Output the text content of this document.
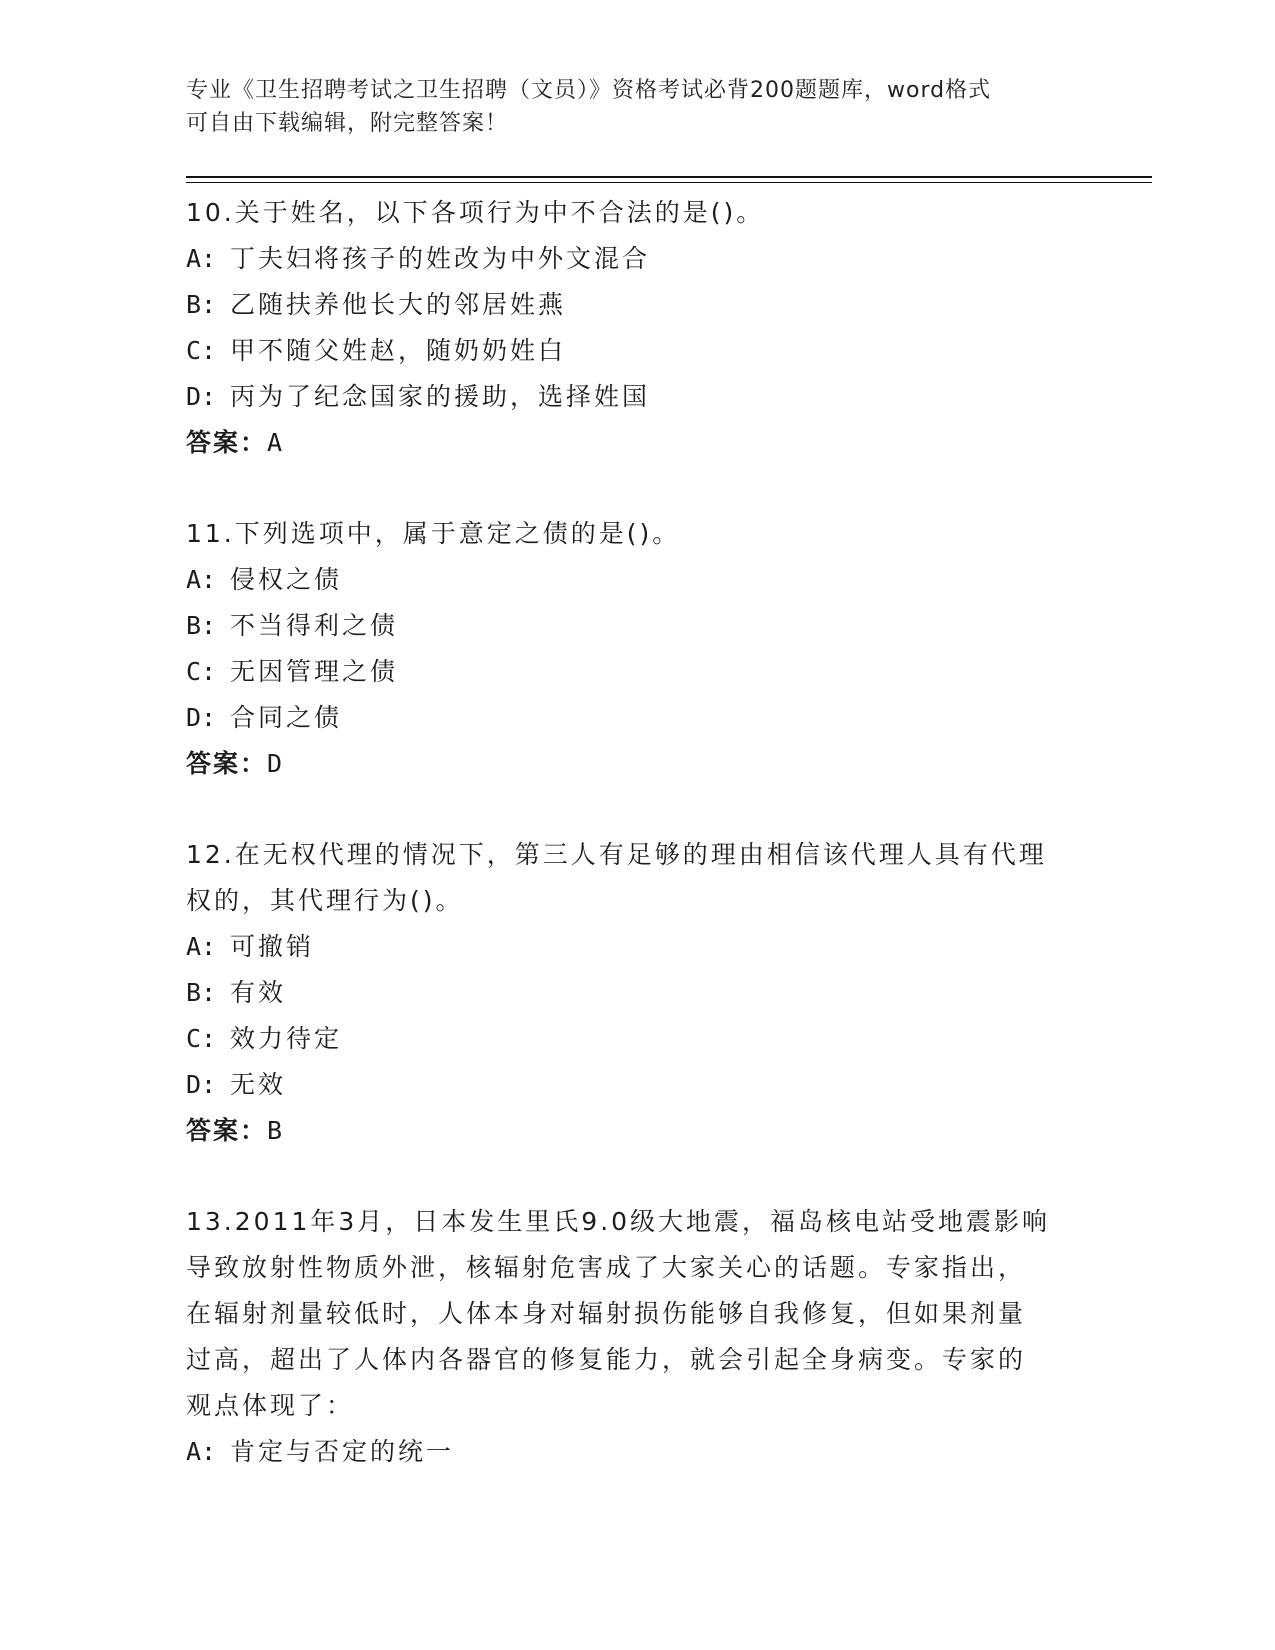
专业《卫生招聘考试之卫生招聘（文员）》资格考试必背200题题库，word格式
可自由下载编辑，附完整答案！
10.关于姓名，以下各项行为中不合法的是()。
A: 丁夫妇将孩子的姓改为中外文混合
B: 乙随扶养他长大的邻居姓燕
C: 甲不随父姓赵，随奶奶姓白
D: 丙为了纪念国家的援助，选择姓国
答案：A
11.下列选项中，属于意定之债的是()。
A: 侵权之债
B: 不当得利之债
C: 无因管理之债
D: 合同之债
答案：D
12.在无权代理的情况下，第三人有足够的理由相信该代理人具有代理
权的，其代理行为()。
A: 可撤销
B: 有效
C: 效力待定
D: 无效
答案：B
13.2011年3月，日本发生里氏9.0级大地震，福岛核电站受地震影响
导致放射性物质外泄，核辐射危害成了大家关心的话题。专家指出，
在辐射剂量较低时，人体本身对辐射损伤能够自我修复，但如果剂量
过高，超出了人体内各器官的修复能力，就会引起全身病变。专家的
观点体现了：
A: 肯定与否定的统一
